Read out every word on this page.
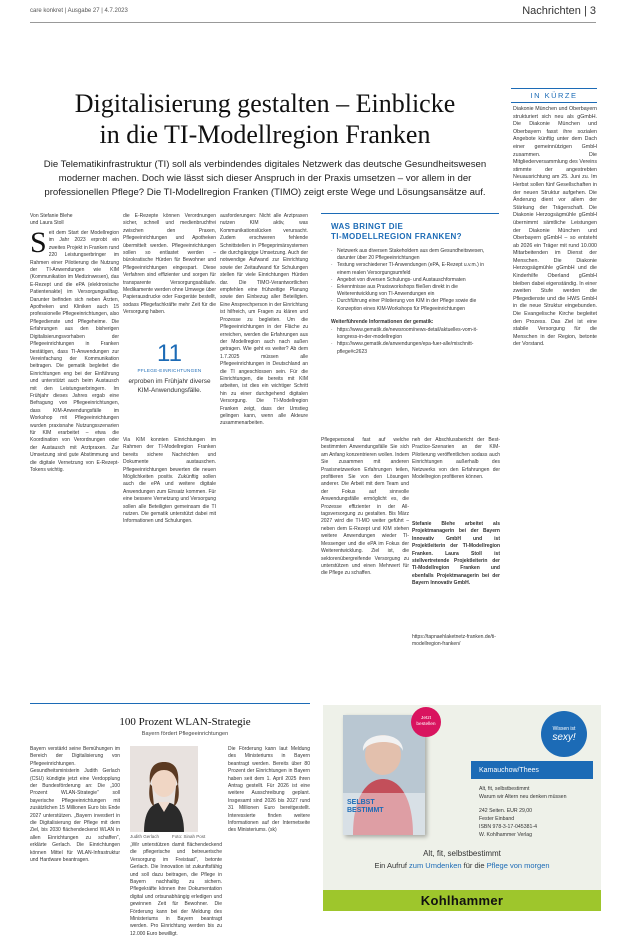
care konkret | Ausgabe 27 | 4.7.2023	Nachrichten | 3
Digitalisierung gestalten – Einblicke
in die TI-Modellregion Franken
Die Telematikinfrastruktur (TI) soll als verbindendes digitales Netzwerk das deutsche Gesundheitswesen moderner machen. Doch wie lässt sich dieser Anspruch in der Praxis umsetzen – vor allem in der professionellen Pflege? Die TI-Modellregion Franken (TIMO) zeigt erste Wege und Lösungsansätze auf.
Von Stefanie Blehe
und Laura Stoll
S eit dem Start der Modellregion im Jahr 2023 erprobt ein zweites Projekt in Franken rund 220 Leistungserbringer im Rahmen einer Pilotierung die Nutzung der TI-Anwendungen wie KIM (Kommunikation im Medizinwesen), das E-Rezept und die ePA (elektronische Patientenakte) im Versorgungsalltag. Darunter befinden sich neben Ärzten, Apotheken und Kliniken auch 15 professionelle Pflegeeinrichtungen, also Pflegedienste und Pflegeheime. Die Erfahrungen aus den bisherigen Digitalisierungsvorhaben der Pflegeeinrichtungen in Franken bestätigen, dass TI-Anwendungen zur Vereinfachung der Kommunikation beitragen. Die gematik begleitet die Einrichtungen eng bei der Einführung und unterstützt auch beim Austausch mit den Leistungserbringern. Im Frühjahr dieses Jahres ergab eine Befragung von Pflegeeinrichtungen, dass KIM-Anwendungsfälle im Workshop mit Pflegeeinrichtungen wurden praxisnahe Nutzungsszenarien für KIM erarbeitet – etwa die Koordination von Verordnungen oder der Austausch mit Arztpraxen. Zur Umsetzung sind gute Abstimmung und die digitale Vernetzung von E-Rezept-Tokens wichtig.
die E-Rezepte können Verordnungen sicher, schnell und medienbruchfrei zwischen den Praxen, Pflegeeinrichtungen und Apotheken übermittelt werden. Pflegeeinrichtungen sollen so entlastet werden – bürokratische Hürden für Bewohner und Pflegeeinrichtungen eingespart. Diese Verfahren sind effizienter und sorgen für transparente Versorgungsabläufe. Medikamente werden ohne Umwege über Papierausdrucke oder Faxgeräte bestellt, sodass Pflegefachkräfte mehr Zeit für die Versorgung haben.
11
PFLEGE-EINRICHTUNGEN
erproben im Frühjahr diverse KIM-Anwendungsfälle.
Via KIM konnten Einrichtungen im Rahmen der TI-Modellregion Franken bereits sichere Nachrichten und Dokumente austauschen. Pflegeeinrichtungen bewerten die neuen Möglichkeiten positiv. Zukünftig sollen auch die ePA und weitere digitale Anwendungen zum Einsatz kommen. Für eine bessere Vernetzung und Versorgung sollen alle Beteiligten gemeinsam die TI nutzen. Die gematik unterstützt dabei mit Informationen und Schulungen.
ausforderungen: Nicht alle Arztpraxen nutzen KIM aktiv, was Kommunikationslücken verursacht. Zudem erschweren fehlende Schnittstellen in Pflegeprimärsystemen die durchgängige Umsetzung. Auch der notwendige Aufwand zur Einrichtung sowie der Zeitaufwand für Schulungen stellen für viele Einrichtungen Hürden dar. Die TIMO-Verantwortlichen empfehlen eine frühzeitige Planung sowie den Einbezug aller Beteiligten. Eine Ansprechperson in der Einrichtung ist hilfreich, um Fragen zu klären und Prozesse zu begleiten. Um die Pflegeeinrichtungen in der Fläche zu erreichen, werden die Erfahrungen aus der Modellregion auch nach außen getragen. Wie geht es weiter? Ab dem 1.7.2025 müssen alle Pflegeeinrichtungen in Deutschland an die TI angeschlossen sein. Für die Einrichtungen, die bereits mit KIM arbeiten, ist dies ein wichtiger Schritt hin zu einer durchgehend digitalen Versorgung. Die TI-Modellregion Franken zeigt, dass der Umstieg gelingen kann, wenn alle Akteure zusammenarbeiten.
WAS BRINGT DIE
TI-MODELLREGION FRANKEN?
· Netzwerk aus diversen Stakeholdern aus dem Gesundheitswesen, darunter über 20 Pflegeeinrichtungen
· Testung verschiedener TI-Anwendungen (ePA, E-Rezept u.v.m.) in einem realen Versorgungsumfeld
· Angebot von diversen Schulungs- und Austauschformaten
· Erkenntnisse aus Praxisworkshops fließen direkt in die Weiterentwicklung von TI-Anwendungen ein
· Durchführung einer Pilotierung von KIM in der Pflege sowie die Konzeption eines KIM-Workshops für Pflegeeinrichtungen
Weiterführende Informationen der gematik:
· https://www.gematik.de/newsroom/news-detail/aktuelles-vom-it-kongress-in-der-modellregion
· https://www.gematik.de/anwendungen/epa-fuer-alle/mischnitt-pflege#c2623
Pflegepersonal fast auf welche bestimmten Anwendungsfälle Sie sich am Anfang konzentrieren wollen. Indem Sie zusammen mit anderen Praxisnetzwerken Erfahrungen teilen, profitieren Sie von den Lösungen anderer. Die Arbeit mit dem Team und der Fokus auf sinnvolle Anwendungsfälle ermöglicht es, die Prozesse effizienter in der All-tagsversorgung zu gestalten. Bis März 2027 wird die TI-MO weiter geführt – neben dem E-Rezept und KIM stehen weitere Anwendungen wieder TI-Messenger und die ePA im Fokus der Weiterentwicklung. Ziel ist, die sektorenübergreifende Versorgung zu unterstützen und einen Mehrwert für die Pflege zu schaffen.
neh der Abschlussbericht der Best-Practice-Szenarien an der KIM-Pilotierung veröffentlichen sodass auch Einrichtungen außerhalb des Netzwerks von den Erfahrungen der Modellregion profitieren können.
Stefanie Blehe arbeitet als Projektmanagerin bei der Bayern Innovativ GmbH und ist Projektleiterin der TI-Modellregion Franken. Laura Stoll ist stellvertretende Projektleiterin der TI-Modellregion Franken und ebenfalls Projektmanagerin bei der Bayern Innovativ GmbH.
https://tapnaehlaketnetz-franken.de/ti-modellregion-franken/
IN KÜRZE
Diakonie München und Oberbayern strukturiert sich neu als gGmbH. Die Diakonie München und Oberbayern fasst ihre sozialen Angebote künftig unter dem Dach einer gemeinnützigen GmbH zusammen. Die Mitgliederversammlung des Vereins stimmte der angestrebten Neuausrichtung am 25. Juni zu. Im Herbst sollen fünf Gesellschaften in der neuen Struktur aufgehen. Die Änderung dient vor allem der Stärkung der Trägerschaft. Die Diakonie Herzogsägmühle gGmbH übernimmt sämtliche Leistungen der Diakonie München und Oberbayern gGmbH – so entsteht ab 2026 ein Träger mit rund 10.000 Mitarbeitenden im Dienst der Menschen. Die Diakonie Herzogsägmühle gGmbH und die Kinderhilfe Oberland gGmbH bleiben dabei eigenständig. In einer zweiten Stufe werden die Pflegedienste und die HWS GmbH in die neue Struktur eingebunden. Die Evangelische Kirche begleitet den Prozess. Das Ziel ist eine stabile Versorgung für die Menschen in der Region, betonte der Vorstand.
100 Prozent WLAN-Strategie
Bayern fördert Pflegeeinrichtungen
Bayern verstärkt seine Bemühungen im Bereich der Digitalisierung von Pflegeeinrichtungen. Gesundheitsministerin Judith Gerlach (CSU) kündigte jetzt eine Verdopplung der Bundesförderung an: Die „100 Prozent WLAN-Strategie“ soll bayerische Pflegeeinrichtungen mit zusätzlichen 15 Millionen Euro bis Ende 2027 unterstützen. „Bayern investiert in die Digitalisierung der Pflege mit dem Ziel, bis 2030 flächendeckend WLAN in allen Einrichtungen zu schaffen“, erklärte Gerlach. Die Einrichtungen können Mittel für WLAN-Infrastruktur und Hardware beantragen.
Judith Gerlach	Foto: Sinah Post
„Wir unterstützen damit flächendeckend die pflegerische und betreuerische Versorgung im Freistaat“, betonte Gerlach. Die Innovation ist zukunftsfähig und soll dazu beitragen, die Pflege in Bayern nachhaltig zu sichern. Pflegekräfte können ihre Dokumentation digital und ortsunabhängig erledigen und gewinnen Zeit für Bewohner. Die Förderung kann bei der Meldung des Ministeriums in Bayern beantragt werden. Pro Einrichtung werden bis zu 12.000 Euro bewilligt.
Die Förderung kann laut Meldung des Ministeriums in Bayern beantragt werden. Bereits über 80 Prozent der Einrichtungen in Bayern haben seit dem 1. April 2025 ihren Antrag gestellt. Für 2026 ist eine weitere Ausschreibung geplant. Insgesamt sind 2026 bis 2027 rund 31 Millionen Euro bereitgestellt. Interessierte finden weitere Informationen auf der Internetseite des Ministeriums. (sk)
SELBST BESTIMMT
Jetzt bestellen
Wissen ist
sexy!
Kamauchow/Thees
Alt, fit, selbstbestimmt
Warum wir Altern neu denken müssen
242 Seiten. EUR 29,00
Fester Einband
ISBN 978-3-17-045381-4
W. Kohlhammer Verlag
Alt, fit, selbstbestimmt
Ein Aufruf zum Umdenken für die Pflege von morgen
Kohlhammer
